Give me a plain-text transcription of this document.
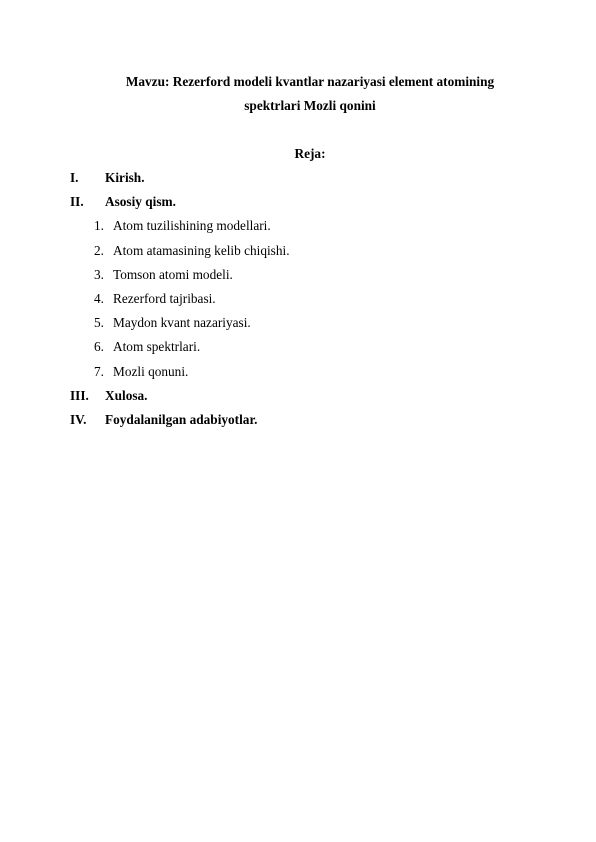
Mavzu: Rezerford modeli kvantlar nazariyasi element atomining
spektrlari Mozli qonini
Reja:
I. Kirish.
II. Asosiy qism.
1. Atom tuzilishining modellari.
2. Atom atamasining kelib chiqishi.
3. Tomson atomi modeli.
4. Rezerford tajribasi.
5. Maydon kvant nazariyasi.
6. Atom spektrlari.
7. Mozli qonuni.
III. Xulosa.
IV. Foydalanilgan adabiyotlar.
